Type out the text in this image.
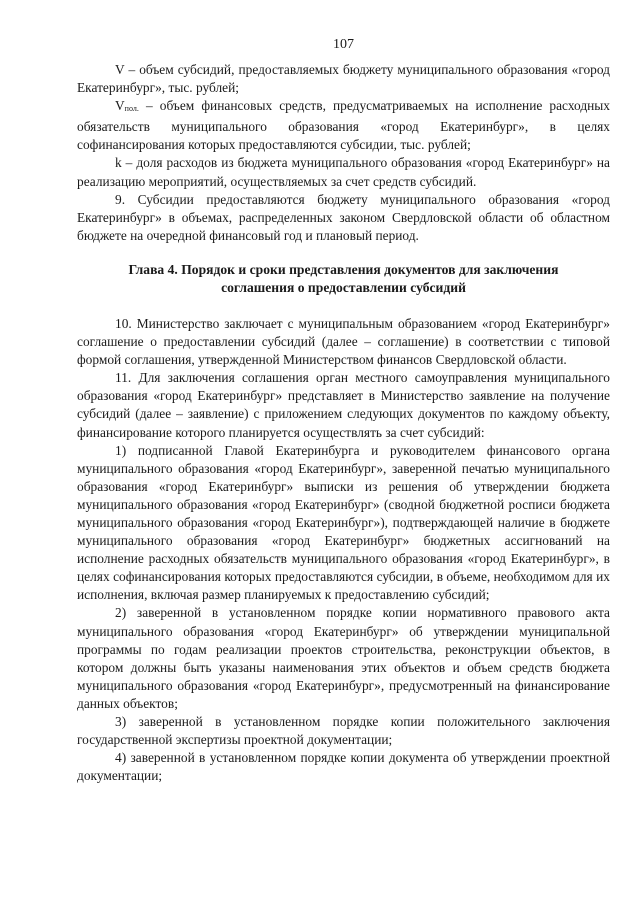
107

V – объем субсидий, предоставляемых бюджету муниципального образования «город Екатеринбург», тыс. рублей;

$V_{пол.}$ – объем финансовых средств, предусматриваемых на исполнение расходных обязательств муниципального образования «город Екатеринбург», в целях софинансирования которых предоставляются субсидии, тыс. рублей;

k – доля расходов из бюджета муниципального образования «город Екатеринбург» на реализацию мероприятий, осуществляемых за счет средств субсидий.

9. Субсидии предоставляются бюджету муниципального образования «город Екатеринбург» в объемах, распределенных законом Свердловской области об областном бюджете на очередной финансовый год и плановый период.

Глава 4. Порядок и сроки представления документов для заключения соглашения о предоставлении субсидий

10. Министерство заключает с муниципальным образованием «город Екатеринбург» соглашение о предоставлении субсидий (далее – соглашение) в соответствии с типовой формой соглашения, утвержденной Министерством финансов Свердловской области.

11. Для заключения соглашения орган местного самоуправления муниципального образования «город Екатеринбург» представляет в Министерство заявление на получение субсидий (далее – заявление) с приложением следующих документов по каждому объекту, финансирование которого планируется осуществлять за счет субсидий:

1) подписанной Главой Екатеринбурга и руководителем финансового органа муниципального образования «город Екатеринбург», заверенной печатью муниципального образования «город Екатеринбург» выписки из решения об утверждении бюджета муниципального образования «город Екатеринбург» (сводной бюджетной росписи бюджета муниципального образования «город Екатеринбург»), подтверждающей наличие в бюджете муниципального образования «город Екатеринбург» бюджетных ассигнований на исполнение расходных обязательств муниципального образования «город Екатеринбург», в целях софинансирования которых предоставляются субсидии, в объеме, необходимом для их исполнения, включая размер планируемых к предоставлению субсидий;

2) заверенной в установленном порядке копии нормативного правового акта муниципального образования «город Екатеринбург» об утверждении муниципальной программы по годам реализации проектов строительства, реконструкции объектов, в котором должны быть указаны наименования этих объектов и объем средств бюджета муниципального образования «город Екатеринбург», предусмотренный на финансирование данных объектов;

3) заверенной в установленном порядке копии положительного заключения государственной экспертизы проектной документации;

4) заверенной в установленном порядке копии документа об утверждении проектной документации;
